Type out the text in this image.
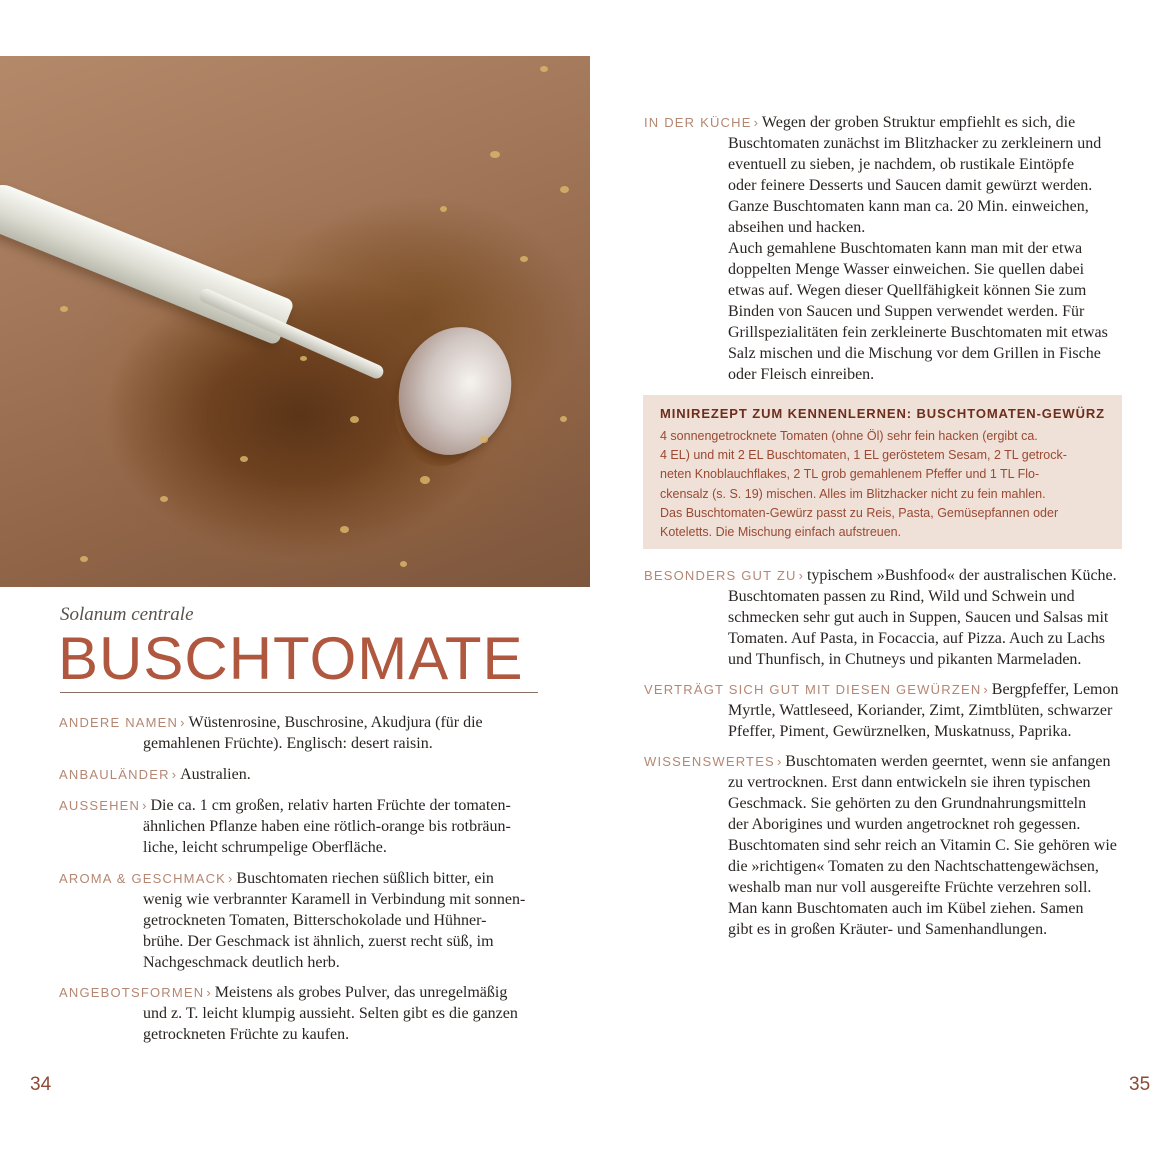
Solanum centrale
BUSCHTOMATE
ANDERE NAMEN › Wüstenrosine, Buschrosine, Akudjura (für die
gemahlenen Früchte). Englisch: desert raisin.
ANBAULÄNDER › Australien.
AUSSEHEN › Die ca. 1 cm großen, relativ harten Früchte der tomaten-
ähnlichen Pflanze haben eine rötlich-orange bis rotbräun-
liche, leicht schrumpelige Oberfläche.
AROMA & GESCHMACK › Buschtomaten riechen süßlich bitter, ein
wenig wie verbrannter Karamell in Verbindung mit sonnen-
getrockneten Tomaten, Bitterschokolade und Hühner-
brühe. Der Geschmack ist ähnlich, zuerst recht süß, im
Nachgeschmack deutlich herb.
ANGEBOTSFORMEN › Meistens als grobes Pulver, das unregelmäßig
und z. T. leicht klumpig aussieht. Selten gibt es die ganzen
getrockneten Früchte zu kaufen.
34
IN DER KÜCHE › Wegen der groben Struktur empfiehlt es sich, die
Buschtomaten zunächst im Blitzhacker zu zerkleinern und
eventuell zu sieben, je nachdem, ob rustikale Eintöpfe
oder feinere Desserts und Saucen damit gewürzt werden.
Ganze Buschtomaten kann man ca. 20 Min. einweichen,
abseihen und hacken.
Auch gemahlene Buschtomaten kann man mit der etwa
doppelten Menge Wasser einweichen. Sie quellen dabei
etwas auf. Wegen dieser Quellfähigkeit können Sie zum
Binden von Saucen und Suppen verwendet werden. Für
Grillspezialitäten fein zerkleinerte Buschtomaten mit etwas
Salz mischen und die Mischung vor dem Grillen in Fische
oder Fleisch einreiben.
MINIREZEPT ZUM KENNENLERNEN: BUSCHTOMATEN-GEWÜRZ
4 sonnengetrocknete Tomaten (ohne Öl) sehr fein hacken (ergibt ca.
4 EL) und mit 2 EL Buschtomaten, 1 EL geröstetem Sesam, 2 TL getrock-
neten Knoblauchflakes, 2 TL grob gemahlenem Pfeffer und 1 TL Flo-
ckensalz (s. S. 19) mischen. Alles im Blitzhacker nicht zu fein mahlen.
Das Buschtomaten-Gewürz passt zu Reis, Pasta, Gemüsepfannen oder
Koteletts. Die Mischung einfach aufstreuen.
BESONDERS GUT ZU › typischem »Bushfood« der australischen Küche.
Buschtomaten passen zu Rind, Wild und Schwein und
schmecken sehr gut auch in Suppen, Saucen und Salsas mit
Tomaten. Auf Pasta, in Focaccia, auf Pizza. Auch zu Lachs
und Thunfisch, in Chutneys und pikanten Marmeladen.
VERTRÄGT SICH GUT MIT DIESEN GEWÜRZEN › Bergpfeffer, Lemon
Myrtle, Wattleseed, Koriander, Zimt, Zimtblüten, schwarzer
Pfeffer, Piment, Gewürznelken, Muskatnuss, Paprika.
WISSENSWERTES › Buschtomaten werden geerntet, wenn sie anfangen
zu vertrocknen. Erst dann entwickeln sie ihren typischen
Geschmack. Sie gehörten zu den Grundnahrungsmitteln
der Aborigines und wurden angetrocknet roh gegessen.
Buschtomaten sind sehr reich an Vitamin C. Sie gehören wie
die »richtigen« Tomaten zu den Nachtschattengewächsen,
weshalb man nur voll ausgereifte Früchte verzehren soll.
Man kann Buschtomaten auch im Kübel ziehen. Samen
gibt es in großen Kräuter- und Samenhandlungen.
35
